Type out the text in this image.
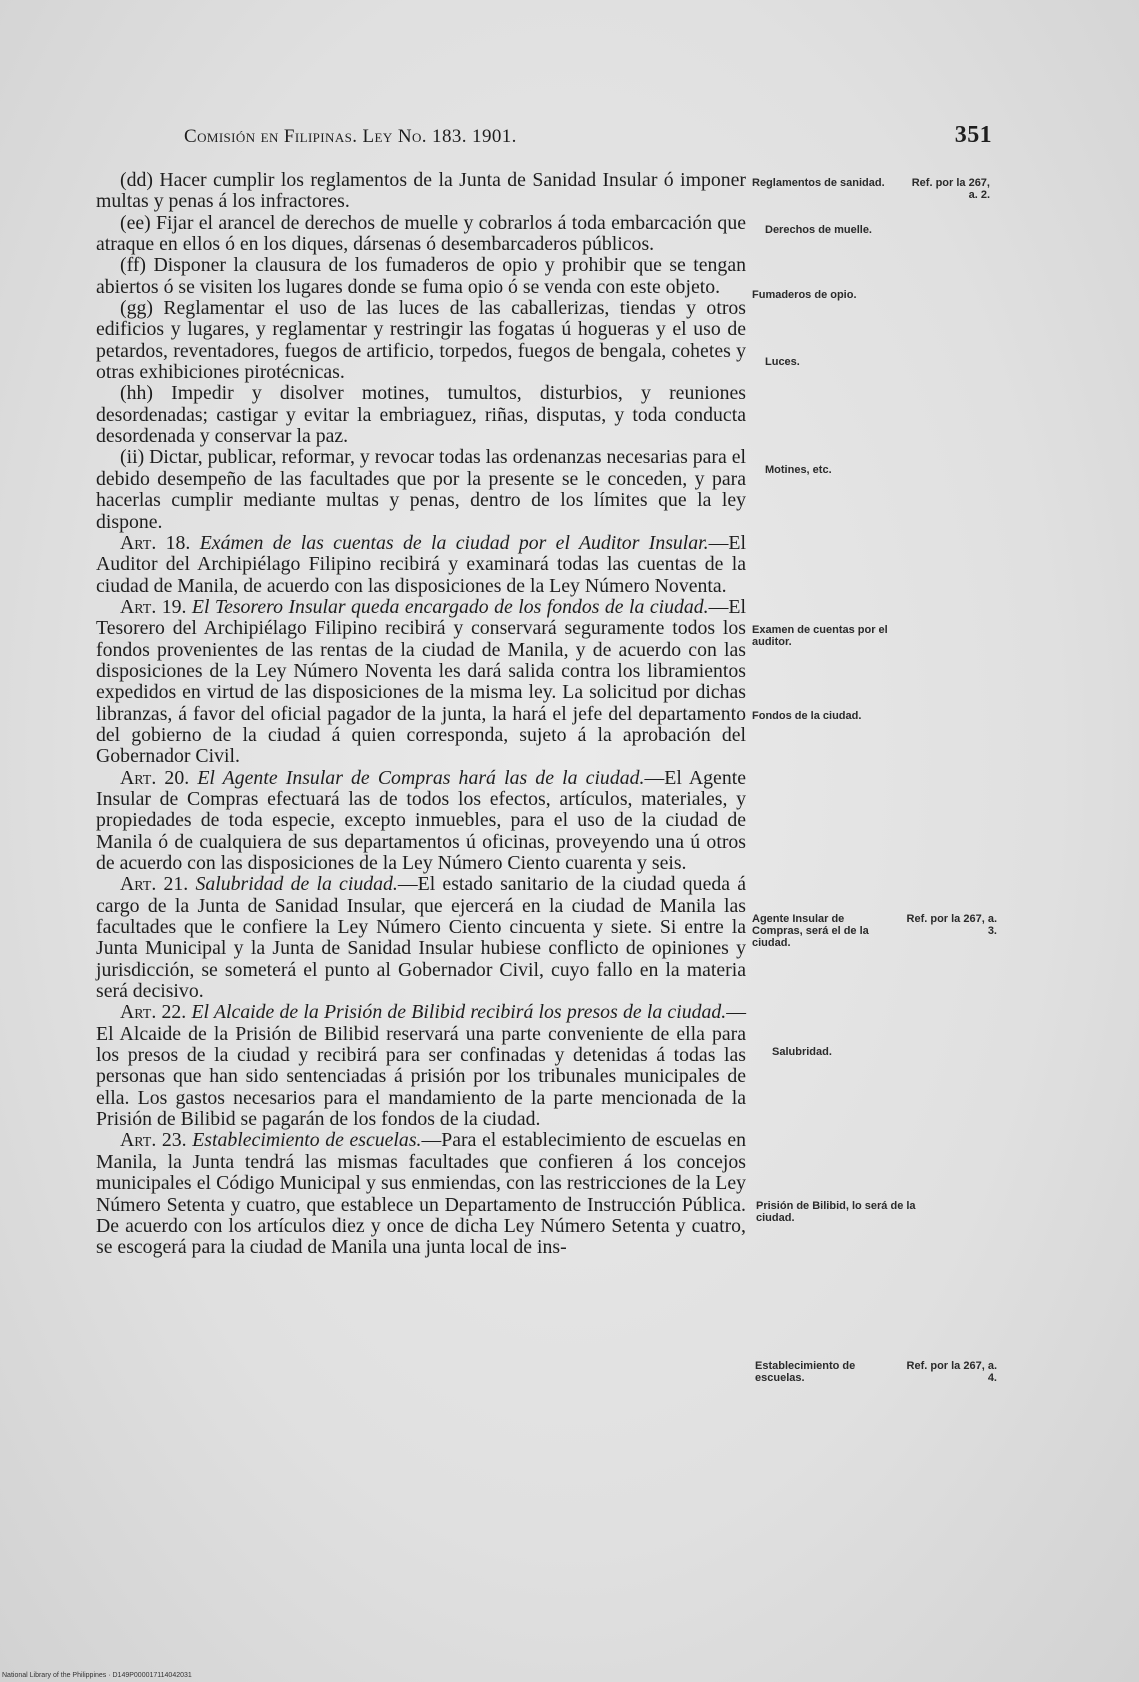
Comisión en Filipinas. Ley No. 183. 1901.	351

(dd) Hacer cumplir los reglamentos de la Junta de Sanidad Insular ó imponer multas y penas á los infractores.

(ee) Fijar el arancel de derechos de muelle y cobrarlos á toda embarcación que atraque en ellos ó en los diques, dársenas ó desembarcaderos públicos.

(ff) Disponer la clausura de los fumaderos de opio y prohibir que se tengan abiertos ó se visiten los lugares donde se fuma opio ó se venda con este objeto.

(gg) Reglamentar el uso de las luces de las caballerizas, tiendas y otros edificios y lugares, y reglamentar y restringir las fogatas ú hogueras y el uso de petardos, reventadores, fuegos de artificio, torpedos, fuegos de bengala, cohetes y otras exhibiciones pirotécnicas.

(hh) Impedir y disolver motines, tumultos, disturbios, y reuniones desordenadas; castigar y evitar la embriaguez, riñas, disputas, y toda conducta desordenada y conservar la paz.

(ii) Dictar, publicar, reformar, y revocar todas las ordenanzas necesarias para el debido desempeño de las facultades que por la presente se le conceden, y para hacerlas cumplir mediante multas y penas, dentro de los límites que la ley dispone.

Art. 18. Exámen de las cuentas de la ciudad por el Auditor Insular.—El Auditor del Archipiélago Filipino recibirá y examinará todas las cuentas de la ciudad de Manila, de acuerdo con las disposiciones de la Ley Número Noventa.

Art. 19. El Tesorero Insular queda encargado de los fondos de la ciudad.—El Tesorero del Archipiélago Filipino recibirá y conservará seguramente todos los fondos provenientes de las rentas de la ciudad de Manila, y de acuerdo con las disposiciones de la Ley Número Noventa les dará salida contra los libramientos expedidos en virtud de las disposiciones de la misma ley. La solicitud por dichas libranzas, á favor del oficial pagador de la junta, la hará el jefe del departamento del gobierno de la ciudad á quien corresponda, sujeto á la aprobación del Gobernador Civil.

Art. 20. El Agente Insular de Compras hará las de la ciudad.—El Agente Insular de Compras efectuará las de todos los efectos, artículos, materiales, y propiedades de toda especie, excepto inmuebles, para el uso de la ciudad de Manila ó de cualquiera de sus departamentos ú oficinas, proveyendo una ú otros de acuerdo con las disposiciones de la Ley Número Ciento cuarenta y seis.

Art. 21. Salubridad de la ciudad.—El estado sanitario de la ciudad queda á cargo de la Junta de Sanidad Insular, que ejercerá en la ciudad de Manila las facultades que le confiere la Ley Número Ciento cincuenta y siete. Si entre la Junta Municipal y la Junta de Sanidad Insular hubiese conflicto de opiniones y jurisdicción, se someterá el punto al Gobernador Civil, cuyo fallo en la materia será decisivo.

Art. 22. El Alcaide de la Prisión de Bilibid recibirá los presos de la ciudad.—El Alcaide de la Prisión de Bilibid reservará una parte conveniente de ella para los presos de la ciudad y recibirá para ser confinadas y detenidas á todas las personas que han sido sentenciadas á prisión por los tribunales municipales de ella. Los gastos necesarios para el mandamiento de la parte mencionada de la Prisión de Bilibid se pagarán de los fondos de la ciudad.

Art. 23. Establecimiento de escuelas.—Para el establecimiento de escuelas en Manila, la Junta tendrá las mismas facultades que confieren á los concejos municipales el Código Municipal y sus enmiendas, con las restricciones de la Ley Número Setenta y cuatro, que establece un Departamento de Instrucción Pública. De acuerdo con los artículos diez y once de dicha Ley Número Setenta y cuatro, se escogerá para la ciudad de Manila una junta local de ins-

Reglamentos de sanidad.
Derechos de muelle.
Fumaderos de opio.
Luces.
Motines, etc.
Examen de cuentas por el auditor.
Fondos de la ciudad.
Agente Insular de Compras, será el de la ciudad.
Salubridad.
Prisión de Bilibid, lo será de la ciudad.
Establecimiento de escuelas.
Ref. por la 267, a. 2.
Ref. por la 267, a. 3.
Ref. por la 267, a. 4.
National Library of the Philippines · D149P000017114042031
